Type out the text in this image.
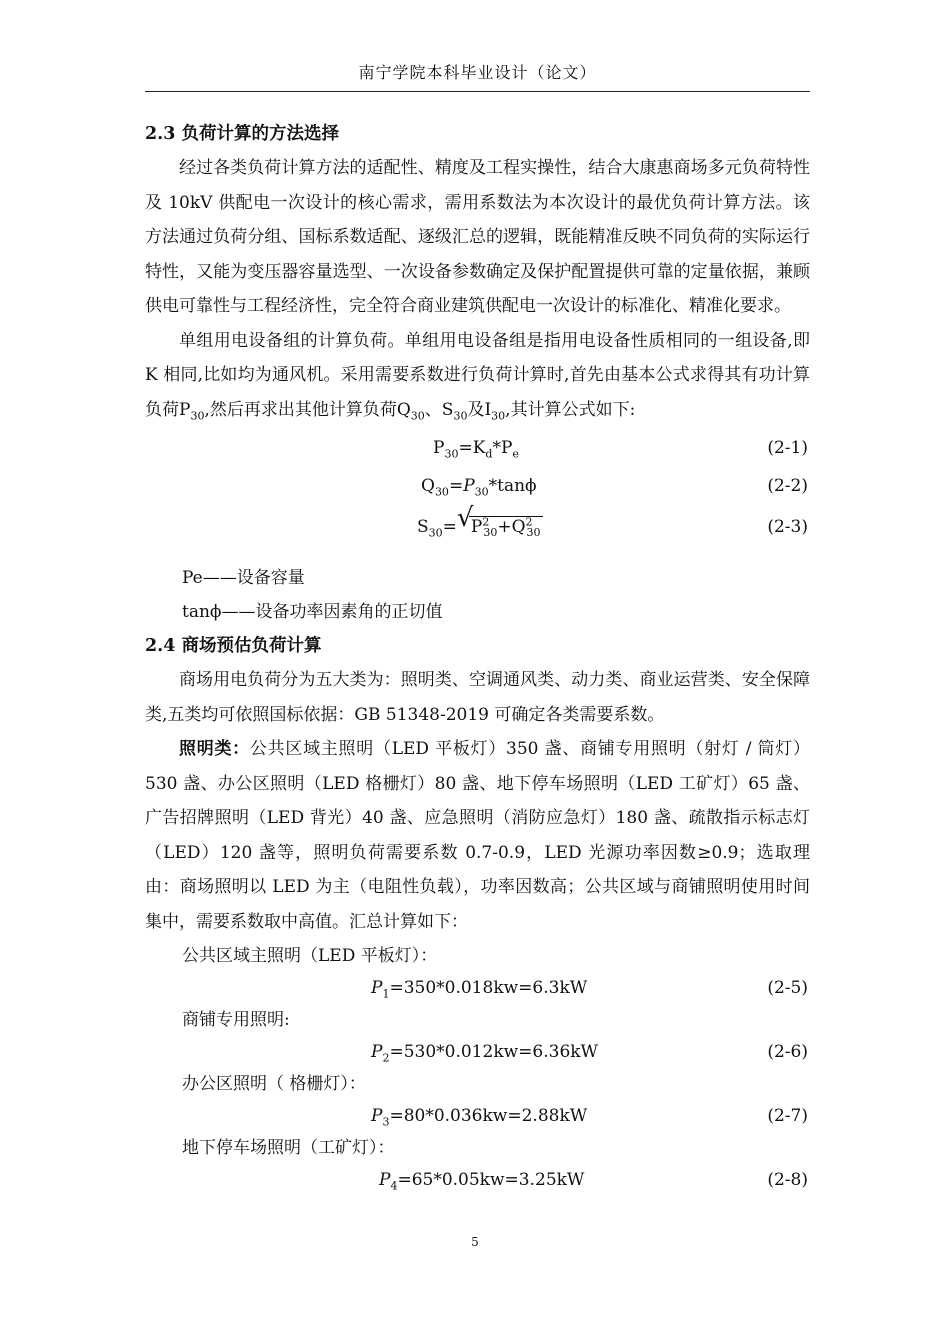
南宁学院本科毕业设计（论文）
2.3 负荷计算的方法选择

经过各类负荷计算方法的适配性、精度及工程实操性，结合大康惠商场多元负荷特性及 10kV 供配电一次设计的核心需求，需用系数法为本次设计的最优负荷计算方法。该方法通过负荷分组、国标系数适配、逐级汇总的逻辑，既能精准反映不同负荷的实际运行特性，又能为变压器容量选型、一次设备参数确定及保护配置提供可靠的定量依据，兼顾供电可靠性与工程经济性，完全符合商业建筑供配电一次设计的标准化、精准化要求。

单组用电设备组的计算负荷。单组用电设备组是指用电设备性质相同的一组设备,即 K 相同,比如均为通风机。采用需要系数进行负荷计算时,首先由基本公式求得其有功计算负荷$P_{30}$,然后再求出其他计算负荷$Q_{30}$、$S_{30}$及$I_{30}$,其计算公式如下:

$P_{30}=K_d*P_e$	(2-1)
$Q_{30}=P_{30}*\tan\phi$	(2-2)
$S_{30}=$ √
$P^2_{30}+Q^2_{30}$	(2-3)
Pe——设备容量
tanϕ——设备功率因素角的正切值
2.4 商场预估负荷计算

商场用电负荷分为五大类为：照明类、空调通风类、动力类、商业运营类、安全保障类,五类均可依照国标依据：GB 51348-2019 可确定各类需要系数。

照明类：公共区域主照明（LED 平板灯）350 盏、商铺专用照明（射灯 / 筒灯）530 盏、办公区照明（LED 格栅灯）80 盏、地下停车场照明（LED 工矿灯）65 盏、广告招牌照明（LED 背光）40 盏、应急照明（消防应急灯）180 盏、疏散指示标志灯（LED）120 盏等，照明负荷需要系数 0.7-0.9，LED 光源功率因数≥0.9；选取理由：商场照明以 LED 为主（电阻性负载），功率因数高；公共区域与商铺照明使用时间集中，需要系数取中高值。汇总计算如下：

公共区域主照明（LED 平板灯）：
$P_1=350*0.018kw=6.3kW$	(2-5)
商铺专用照明:
$P_2=530*0.012kw=6.36kW$	(2-6)
办公区照明（ 格栅灯）：
$P_3=80*0.036kw=2.88kW$	(2-7)
地下停车场照明（工矿灯）：
$P_4=65*0.05kw=3.25kW$	(2-8)
5
